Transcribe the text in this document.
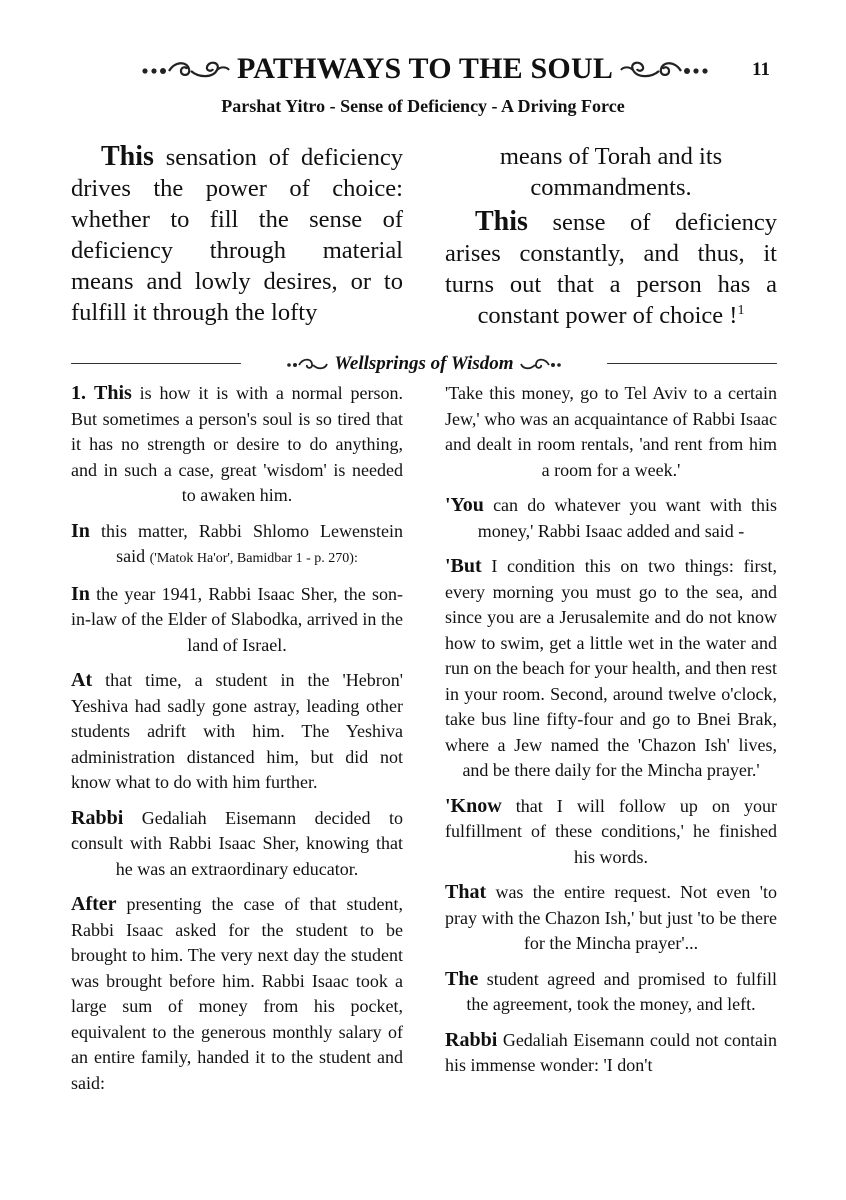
PATHWAYS TO THE SOUL	11
Parshat Yitro - Sense of Deficiency - A Driving Force

This sensation of deficiency drives the power of choice: whether to fill the sense of deficiency through material means and lowly desires, or to fulfill it through the lofty

means of Torah and its commandments.

This sense of deficiency arises constantly, and thus, it turns out that a person has a constant power of choice !$^1$

Wellsprings of Wisdom

1. This is how it is with a normal person. But sometimes a person's soul is so tired that it has no strength or desire to do anything, and in such a case, great 'wisdom' is needed to awaken him.

In this matter, Rabbi Shlomo Lewenstein said ('Matok Ha'or', Bamidbar 1 - p. 270):

In the year 1941, Rabbi Isaac Sher, the son-in-law of the Elder of Slabodka, arrived in the land of Israel.

At that time, a student in the 'Hebron' Yeshiva had sadly gone astray, leading other students adrift with him. The Yeshiva administration distanced him, but did not know what to do with him further.

Rabbi Gedaliah Eisemann decided to consult with Rabbi Isaac Sher, knowing that he was an extraordinary educator.

After presenting the case of that student, Rabbi Isaac asked for the student to be brought to him. The very next day the student was brought before him. Rabbi Isaac took a large sum of money from his pocket, equivalent to the generous monthly salary of an entire family, handed it to the student and said:

'Take this money, go to Tel Aviv to a certain Jew,' who was an acquaintance of Rabbi Isaac and dealt in room rentals, 'and rent from him a room for a week.'

'You can do whatever you want with this money,' Rabbi Isaac added and said -

'But I condition this on two things: first, every morning you must go to the sea, and since you are a Jerusalemite and do not know how to swim, get a little wet in the water and run on the beach for your health, and then rest in your room. Second, around twelve o'clock, take bus line fifty-four and go to Bnei Brak, where a Jew named the 'Chazon Ish' lives, and be there daily for the Mincha prayer.'

'Know that I will follow up on your fulfillment of these conditions,' he finished his words.

That was the entire request. Not even 'to pray with the Chazon Ish,' but just 'to be there for the Mincha prayer'...

The student agreed and promised to fulfill the agreement, took the money, and left.

Rabbi Gedaliah Eisemann could not contain his immense wonder: 'I don't
